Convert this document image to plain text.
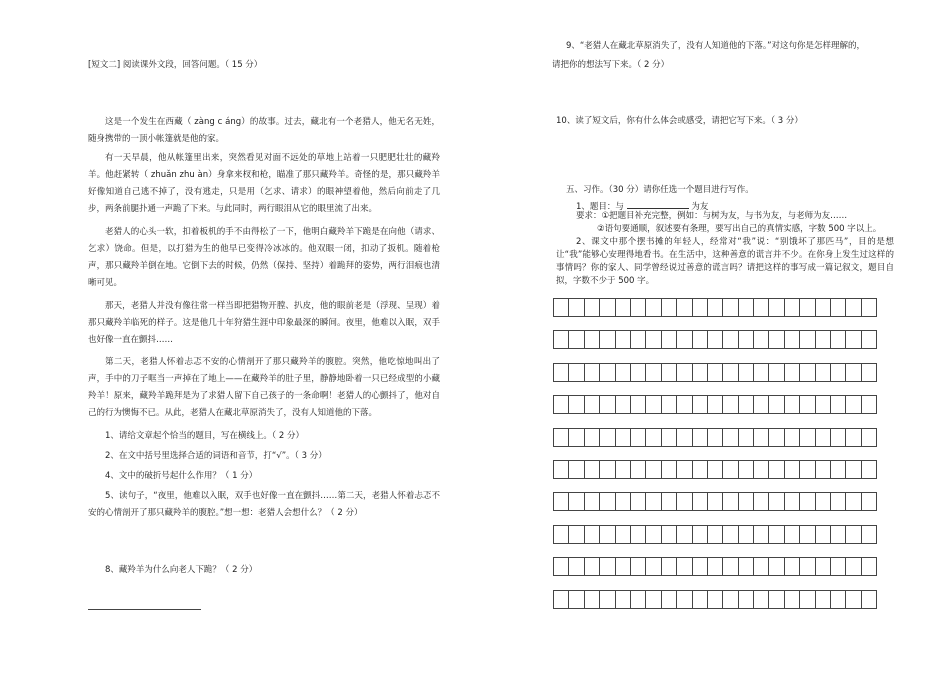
[短文二] 阅读课外文段，回答问题。（ 15 分）
这是一个发生在西藏（ zàng c áng）的故事。过去，藏北有一个老猎人，他无名无姓，随身携带的一顶小帐篷就是他的家。
有一天早晨，他从帐篷里出来，突然看见对面不远处的草地上站着一只肥肥壮壮的藏羚羊。他赶紧转（ zhuǎn zhu àn）身拿来杈和枪，瞄准了那只藏羚羊。奇怪的是，那只藏羚羊好像知道自己逃不掉了，没有逃走，只是用（乞求、请求）的眼神望着他，然后向前走了几步，两条前腿扑通一声跪了下来。与此同时，两行眼泪从它的眼里流了出来。
老猎人的心头一软，扣着板机的手不由得松了一下，他明白藏羚羊下跪是在向他（请求、乞求）饶命。但是，以打猎为生的他早已变得冷冰冰的。他双眼一闭，扣动了扳机。随着枪声，那只藏羚羊倒在地。它倒下去的时候，仍然（保持、坚持）着跪拜的姿势，两行泪痕也清晰可见。
那天，老猎人并没有像往常一样当即把猎物开膛、扒皮，他的眼前老是（浮现、呈现）着那只藏羚羊临死的样子。这是他几十年狩猎生涯中印象最深的瞬间。夜里，他难以入眠，双手也好像一直在颤抖……
第二天，老猎人怀着忐忑不安的心情剖开了那只藏羚羊的腹腔。突然，他吃惊地叫出了声，手中的刀子哐当一声掉在了地上——在藏羚羊的肚子里，静静地卧着一只已经成型的小藏羚羊！原来，藏羚羊跪拜是为了求猎人留下自己孩子的一条命啊！老猎人的心颤抖了，他对自己的行为懊悔不已。从此，老猎人在藏北草原消失了，没有人知道他的下落。
1、请给文章起个恰当的题目，写在横线上。（ 2 分）
2、在文中括号里选择合适的词语和音节，打“√”。（ 3 分）
4、文中的破折号起什么作用？（ 1 分）
5、读句子，“夜里，他难以入眠，双手也好像一直在颤抖……第二天，老猎人怀着忐忑不安的心情剖开了那只藏羚羊的腹腔。”想一想：老猎人会想什么？（ 2 分）
8、藏羚羊为什么向老人下跪？（ 2 分）
9、“老猎人在藏北草原消失了，没有人知道他的下落。”对这句你是怎样理解的，
请把你的想法写下来。（ 2 分）
10、读了短文后，你有什么体会或感受，请把它写下来。（ 3 分）
五、习作。（30 分）请你任选一个题目进行写作。
1、题目：与	为友
要求：①把题目补充完整，例如：与树为友，与书为友，与老师为友……
②语句要通顺，叙述要有条理，要写出自己的真情实感，字数 500 字以上。
2、课文中那个摆书摊的年轻人，经常对“我”说：“别饿坏了那匹马”，目的是想让“我”能够心安理得地看书。在生活中，这种善意的谎言并不少。在你身上发生过这样的事情吗？你的家人、同学曾经说过善意的谎言吗？请把这样的事写成一篇记叙文，题目自拟，字数不少于 500 字。
